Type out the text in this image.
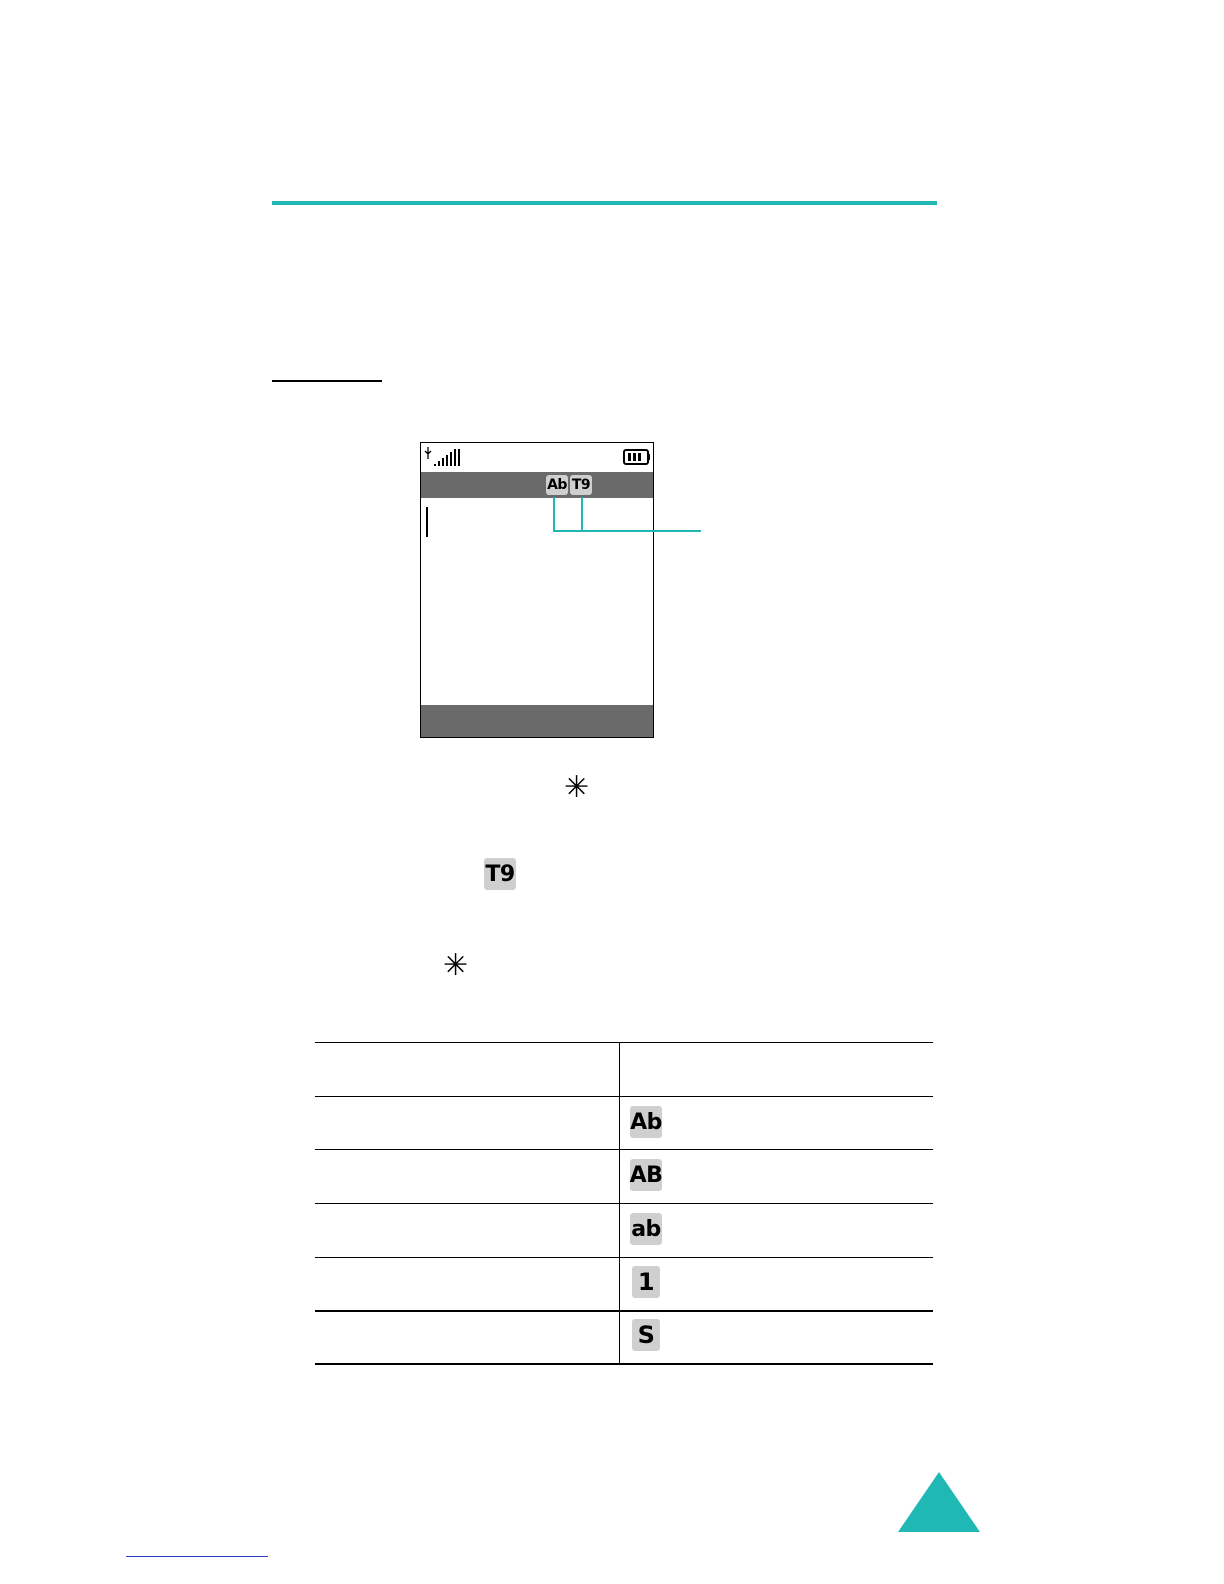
Ab T9
✳
T9
✳
Ab
AB
ab
1
S
